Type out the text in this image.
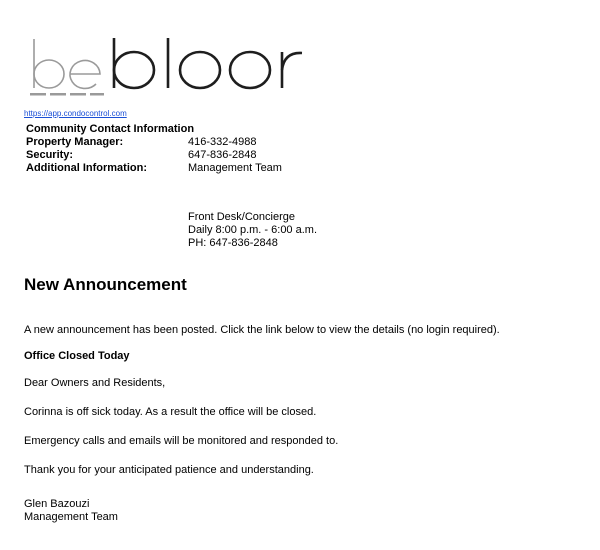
https://app.condocontrol.com
Community Contact Information
Property Manager:	416-332-4988
Security:	647-836-2848
Additional Information:	Management Team
Front Desk/Concierge
Daily 8:00 p.m. - 6:00 a.m.
PH: 647-836-2848
New Announcement
A new announcement has been posted. Click the link below to view the details (no login required).
Office Closed Today
Dear Owners and Residents,
Corinna is off sick today. As a result the office will be closed.
Emergency calls and emails will be monitored and responded to.
Thank you for your anticipated patience and understanding.
Glen Bazouzi
Management Team
